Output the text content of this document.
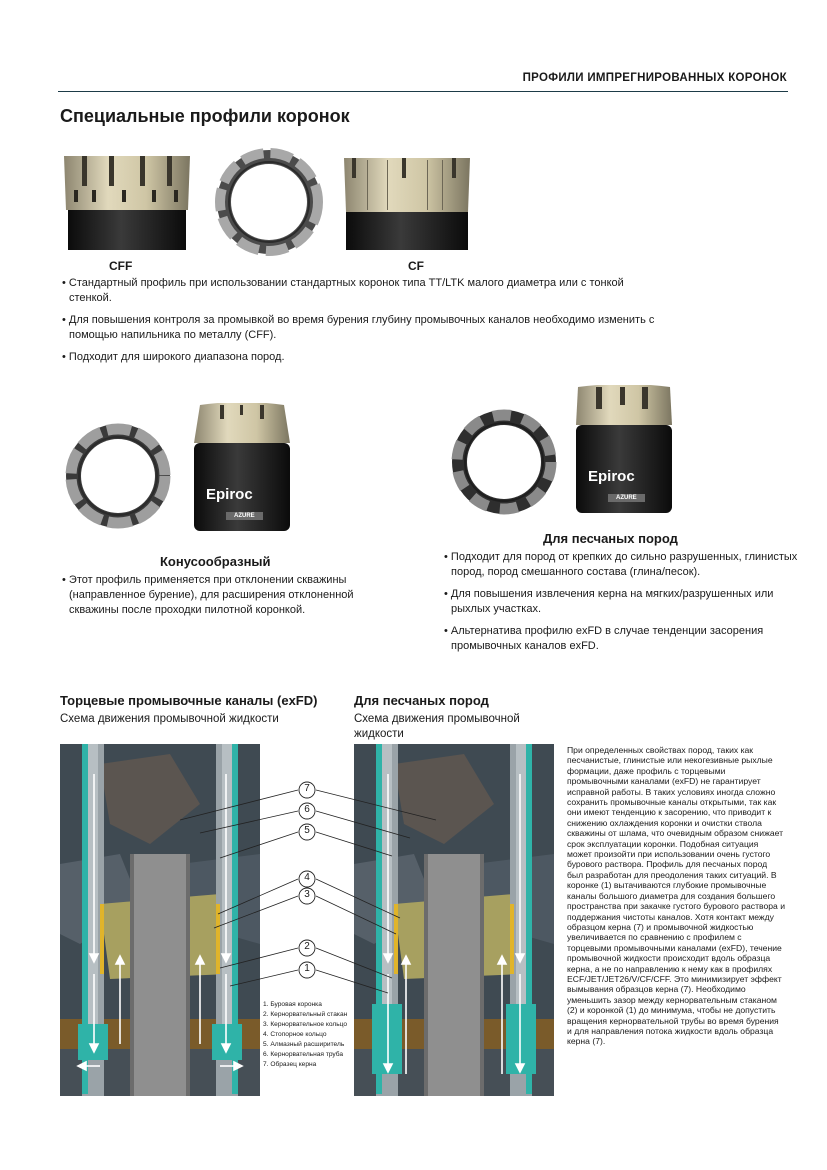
ПРОФИЛИ ИМПРЕГНИРОВАННЫХ КОРОНОК
Специальные профили коронок
CFF	CF

• Стандартный профиль при использовании стандартных коронок типа TT/LTK малого диаметра или с тонкой стенкой.

• Для повышения контроля за промывкой во время бурения глубину промывочных каналов необходимо изменить с помощью напильника по металлу (CFF).

• Подходит для широкого диапазона пород.

Epiroc
AZURE
Конусообразный

• Этот профиль применяется при отклонении скважины (направленное бурение), для расширения отклоненной скважины после проходки пилотной коронкой.

Epiroc
AZURE
Для песчаных пород

• Подходит для пород от крепких до сильно разрушенных, глинистых пород, пород смешанного состава (глина/песок).

• Для повышения извлечения керна на мягких/разрушенных или рыхлых участках.

• Альтернатива профилю exFD в случае тенденции засорения промывочных каналов exFD.

Торцевые промывочные каналы (exFD)
Схема движения промывочной жидкости
Для песчаных пород
Схема движения промывочной жидкости
1. Буровая коронка
2. Кернорвательный стакан
3. Кернорвательное кольцо
4. Стопорное кольцо
5. Алмазный расширитель
6. Кернорвательная труба
7. Образец керна
7
6
5
4
3
2
1
При определенных свойствах пород, таких как песчанистые, глинистые или некогезивные рыхлые формации, даже профиль с торцевыми промывочными каналами (exFD) не гарантирует исправной работы. В таких условиях иногда сложно сохранить промывочные каналы открытыми, так как они имеют тенденцию к засорению, что приводит к снижению охлаждения коронки и очистки ствола скважины от шлама, что очевидным образом снижает срок эксплуатации коронки. Подобная ситуация может произойти при использовании очень густого бурового раствора. Профиль для песчаных пород был разработан для преодоления таких ситуаций. В коронке (1) вытачиваются глубокие промывочные каналы большого диаметра для создания большего пространства при закачке густого бурового раствора и поддержания чистоты каналов. Хотя контакт между образцом керна (7) и промывочной жидкостью увеличивается по сравнению с профилем с торцевыми промывочными каналами (exFD), течение промывочной жидкости происходит вдоль образца керна, а не по направлению к нему как в профилях ECF/JET/JET26/V/CF/CFF. Это минимизирует эффект вымывания образцов керна (7). Необходимо уменьшить зазор между кернорвательным стаканом (2) и коронкой (1) до минимума, чтобы не допустить вращения кернорвательной трубы во время бурения и для направления потока жидкости вдоль образца керна (7).
